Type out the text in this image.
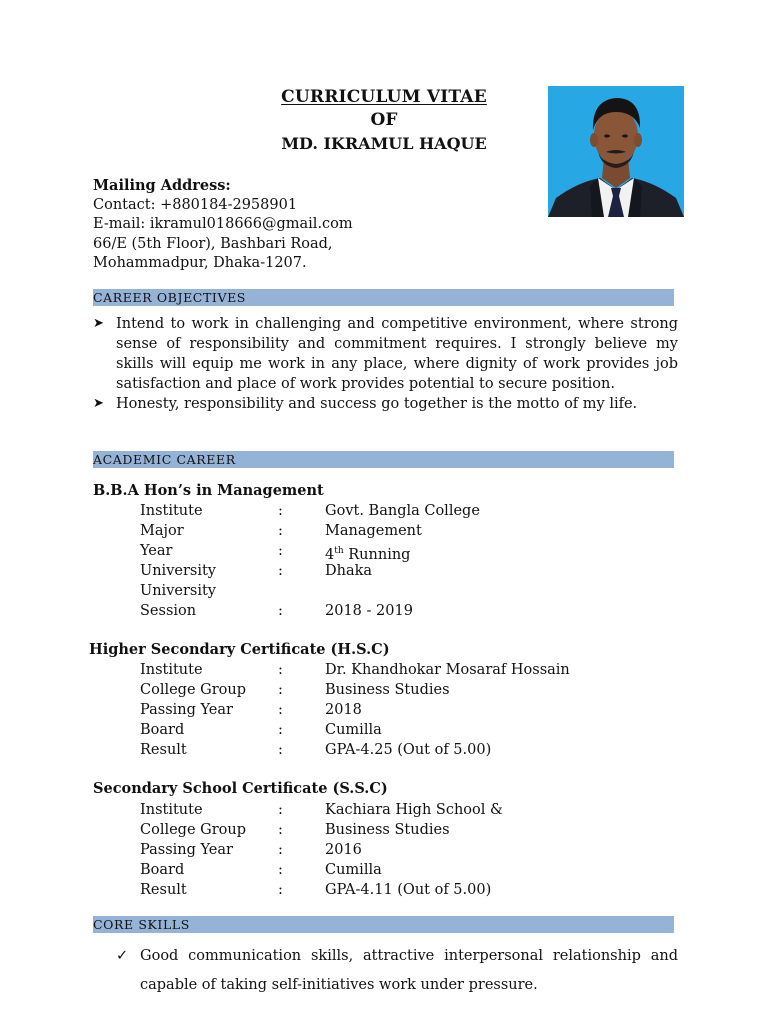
CURRICULUM VITAE
OF
MD. IKRAMUL HAQUE
Mailing Address:
Contact: +880184-2958901
E-mail: ikramul018666@gmail.com
66/E (5th Floor), Bashbari Road,
Mohammadpur, Dhaka-1207.
CAREER OBJECTIVES
➤ Intend to work in challenging and competitive environment, where strong sense of responsibility and commitment requires. I strongly believe my skills will equip me work in any place, where dignity of work provides job satisfaction and place of work provides potential to secure position.
➤ Honesty, responsibility and success go together is the motto of my life.
ACADEMIC CAREER
B.B.A Hon’s in Management
Institute	:	Govt. Bangla College
Major	:	Management
Year	:	4th Running
University	:	Dhaka
University
Session	:	2018 - 2019
Higher Secondary Certificate (H.S.C)
Institute	:	Dr. Khandhokar Mosaraf Hossain
College Group :	Business Studies
Passing Year	:	2018
Board	:	Cumilla
Result	:	GPA-4.25 (Out of 5.00)
Secondary School Certificate (S.S.C)
Institute	:	Kachiara High School &
College Group :	Business Studies
Passing Year	:	2016
Board	:	Cumilla
Result	:	GPA-4.11 (Out of 5.00)
CORE SKILLS
✓ Good communication skills, attractive interpersonal relationship and capable of taking self-initiatives work under pressure.
